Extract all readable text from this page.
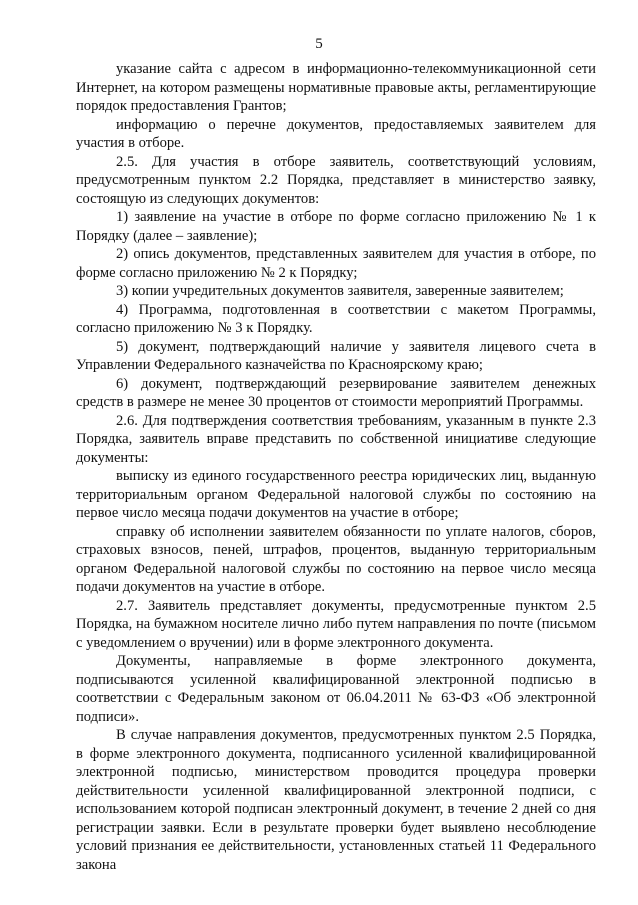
5

указание сайта с адресом в информационно-телекоммуникационной сети Интернет, на котором размещены нормативные правовые акты, регламентирующие порядок предоставления Грантов;

информацию о перечне документов, предоставляемых заявителем для участия в отборе.

2.5. Для участия в отборе заявитель, соответствующий условиям, предусмотренным пунктом 2.2 Порядка, представляет в министерство заявку, состоящую из следующих документов:

1) заявление на участие в отборе по форме согласно приложению № 1 к Порядку (далее – заявление);

2) опись документов, представленных заявителем для участия в отборе, по форме согласно приложению № 2 к Порядку;

3) копии учредительных документов заявителя, заверенные заявителем;

4) Программа, подготовленная в соответствии с макетом Программы, согласно приложению № 3 к Порядку.

5) документ, подтверждающий наличие у заявителя лицевого счета в Управлении Федерального казначейства по Красноярскому краю;

6) документ, подтверждающий резервирование заявителем денежных средств в размере не менее 30 процентов от стоимости мероприятий Программы.

2.6. Для подтверждения соответствия требованиям, указанным в пункте 2.3 Порядка, заявитель вправе представить по собственной инициативе следующие документы:

выписку из единого государственного реестра юридических лиц, выданную территориальным органом Федеральной налоговой службы по состоянию на первое число месяца подачи документов на участие в отборе;

справку об исполнении заявителем обязанности по уплате налогов, сборов, страховых взносов, пеней, штрафов, процентов, выданную территориальным органом Федеральной налоговой службы по состоянию на первое число месяца подачи документов на участие в отборе.

2.7. Заявитель представляет документы, предусмотренные пунктом 2.5 Порядка, на бумажном носителе лично либо путем направления по почте (письмом с уведомлением о вручении) или в форме электронного документа.

Документы, направляемые в форме электронного документа, подписываются усиленной квалифицированной электронной подписью в соответствии с Федеральным законом от 06.04.2011 № 63-ФЗ «Об электронной подписи».

В случае направления документов, предусмотренных пунктом 2.5 Порядка, в форме электронного документа, подписанного усиленной квалифицированной электронной подписью, министерством проводится процедура проверки действительности усиленной квалифицированной электронной подписи, с использованием которой подписан электронный документ, в течение 2 дней со дня регистрации заявки. Если в результате проверки будет выявлено несоблюдение условий признания ее действительности, установленных статьей 11 Федерального закона
